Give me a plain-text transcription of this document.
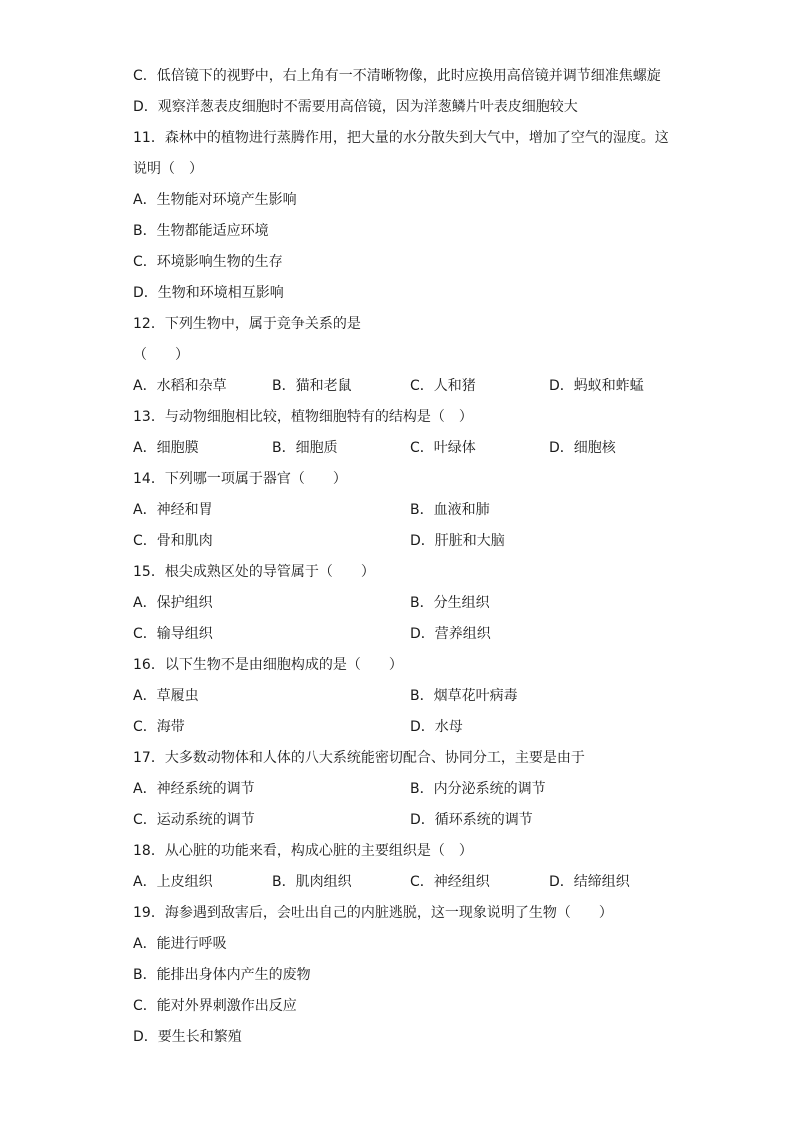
C．低倍镜下的视野中，右上角有一不清晰物像，此时应换用高倍镜并调节细准焦螺旋
D．观察洋葱表皮细胞时不需要用高倍镜，因为洋葱鳞片叶表皮细胞较大
11．森林中的植物进行蒸腾作用，把大量的水分散失到大气中，增加了空气的湿度。这
说明（　）
A．生物能对环境产生影响
B．生物都能适应环境
C．环境影响生物的生存
D．生物和环境相互影响
12．下列生物中，属于竞争关系的是
（　　）
A．水稻和杂草	B．猫和老鼠	C．人和猪	D．蚂蚁和蚱蜢
13．与动物细胞相比较，植物细胞特有的结构是（　）
A．细胞膜	B．细胞质	C．叶绿体	D．细胞核
14．下列哪一项属于器官（　　）
A．神经和胃	B．血液和肺
C．骨和肌肉	D．肝脏和大脑
15．根尖成熟区处的导管属于（　　）
A．保护组织	B．分生组织
C．输导组织	D．营养组织
16．以下生物不是由细胞构成的是（　　）
A．草履虫	B．烟草花叶病毒
C．海带	D．水母
17．大多数动物体和人体的八大系统能密切配合、协同分工，主要是由于
A．神经系统的调节	B．内分泌系统的调节
C．运动系统的调节	D．循环系统的调节
18．从心脏的功能来看，构成心脏的主要组织是（　）
A．上皮组织	B．肌肉组织	C．神经组织	D．结缔组织
19．海参遇到敌害后，会吐出自己的内脏逃脱，这一现象说明了生物（　　）
A．能进行呼吸
B．能排出身体内产生的废物
C．能对外界刺激作出反应
D．要生长和繁殖
